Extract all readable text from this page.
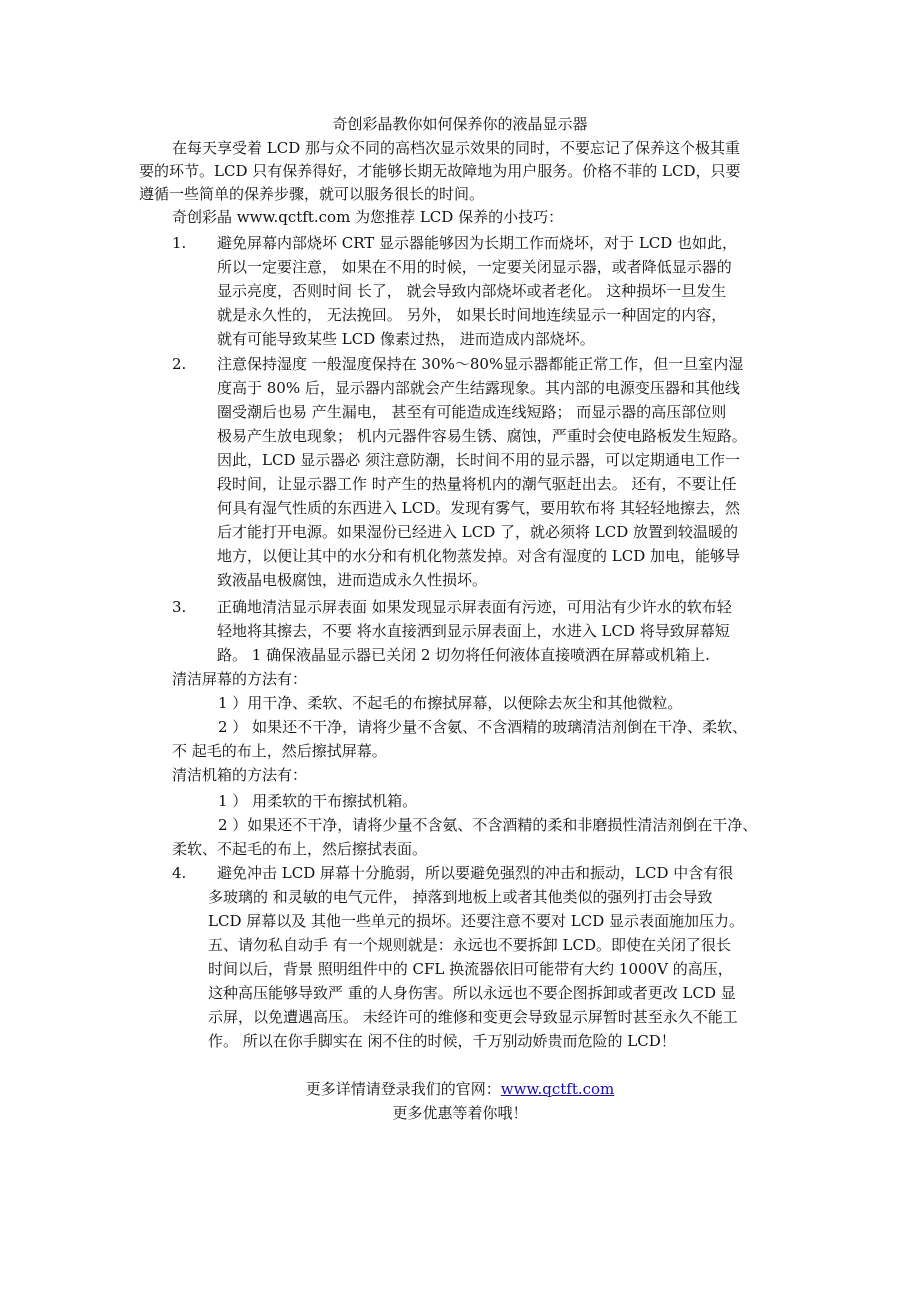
奇创彩晶教你如何保养你的液晶显示器
在每天享受着 LCD 那与众不同的高档次显示效果的同时，不要忘记了保养这个极其重
要的环节。LCD 只有保养得好，才能够长期无故障地为用户服务。价格不菲的 LCD，只要
遵循一些简单的保养步骤，就可以服务很长的时间。
奇创彩晶 www.qctft.com 为您推荐 LCD 保养的小技巧：
1. 避免屏幕内部烧坏 CRT 显示器能够因为长期工作而烧坏，对于 LCD 也如此，
所以一定要注意， 如果在不用的时候，一定要关闭显示器，或者降低显示器的
显示亮度，否则时间 长了， 就会导致内部烧坏或者老化。 这种损坏一旦发生
就是永久性的， 无法挽回。 另外， 如果长时间地连续显示一种固定的内容，
就有可能导致某些 LCD 像素过热， 进而造成内部烧坏。
2. 注意保持湿度 一般湿度保持在 30%～80%显示器都能正常工作，但一旦室内湿
度高于 80% 后，显示器内部就会产生结露现象。其内部的电源变压器和其他线
圈受潮后也易 产生漏电， 甚至有可能造成连线短路； 而显示器的高压部位则
极易产生放电现象； 机内元器件容易生锈、腐蚀，严重时会使电路板发生短路。
因此，LCD 显示器必 须注意防潮，长时间不用的显示器，可以定期通电工作一
段时间，让显示器工作 时产生的热量将机内的潮气驱赶出去。 还有，不要让任
何具有湿气性质的东西进入 LCD。发现有雾气，要用软布将 其轻轻地擦去，然
后才能打开电源。如果湿份已经进入 LCD 了，就必须将 LCD 放置到较温暖的
地方，以便让其中的水分和有机化物蒸发掉。对含有湿度的 LCD 加电，能够导
致液晶电极腐蚀，进而造成永久性损坏。
3. 正确地清洁显示屏表面 如果发现显示屏表面有污迹，可用沾有少许水的软布轻
轻地将其擦去，不要 将水直接洒到显示屏表面上，水进入 LCD 将导致屏幕短
路。 1 确保液晶显示器已关闭 2 切勿将任何液体直接喷洒在屏幕或机箱上.
清洁屏幕的方法有：
1 ）用干净、柔软、不起毛的布擦拭屏幕，以便除去灰尘和其他微粒。
2 ） 如果还不干净，请将少量不含氨、不含酒精的玻璃清洁剂倒在干净、柔软、
不 起毛的布上，然后擦拭屏幕。
清洁机箱的方法有：
1 ） 用柔软的干布擦拭机箱。
2 ）如果还不干净，请将少量不含氨、不含酒精的柔和非磨损性清洁剂倒在干净、
柔软、不起毛的布上，然后擦拭表面。
4. 避免冲击 LCD 屏幕十分脆弱，所以要避免强烈的冲击和振动，LCD 中含有很
多玻璃的 和灵敏的电气元件， 掉落到地板上或者其他类似的强列打击会导致
LCD 屏幕以及 其他一些单元的损坏。还要注意不要对 LCD 显示表面施加压力。
五、请勿私自动手 有一个规则就是：永远也不要拆卸 LCD。即使在关闭了很长
时间以后，背景 照明组件中的 CFL 换流器依旧可能带有大约 1000V 的高压，
这种高压能够导致严 重的人身伤害。所以永远也不要企图拆卸或者更改 LCD 显
示屏，以免遭遇高压。 未经许可的维修和变更会导致显示屏暂时甚至永久不能工
作。 所以在你手脚实在 闲不住的时候，千万别动娇贵而危险的 LCD！
更多详情请登录我们的官网：www.qctft.com
更多优惠等着你哦！
